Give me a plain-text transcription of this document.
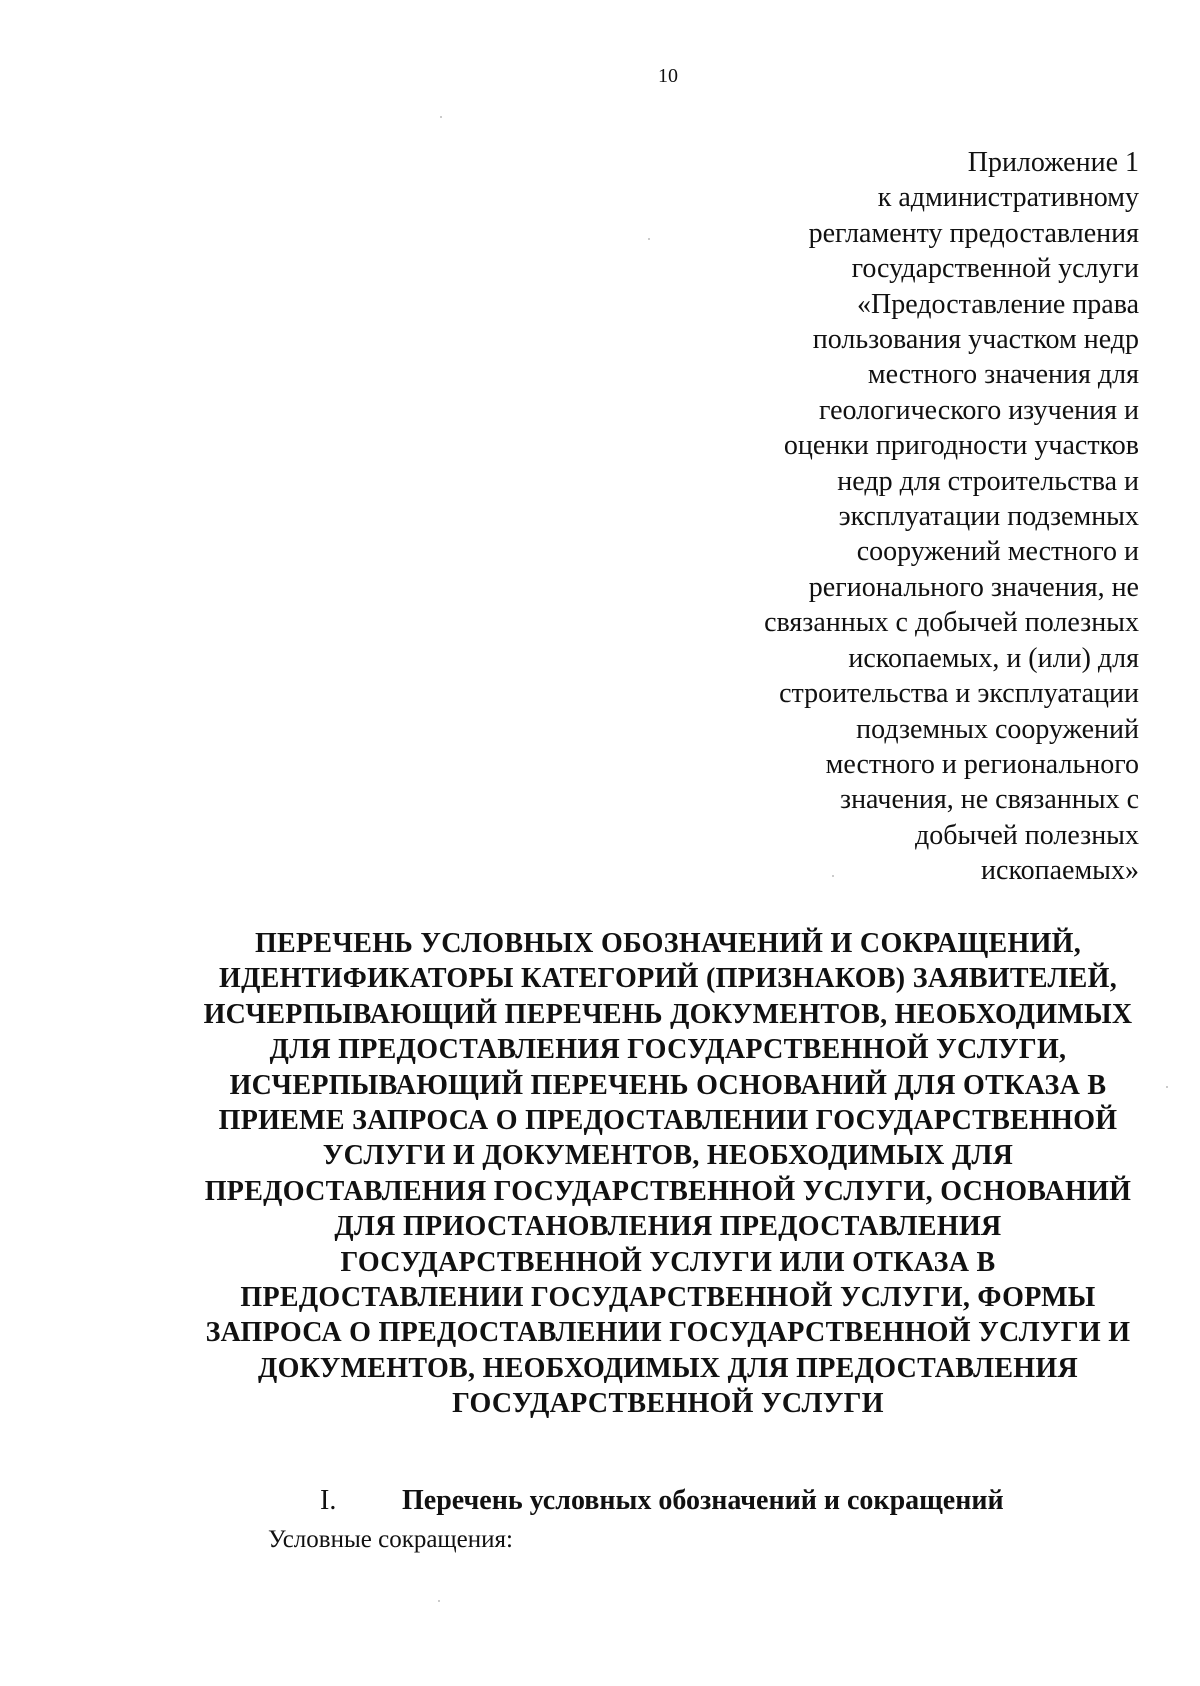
10
Приложение 1
к административному
регламенту предоставления
государственной услуги
«Предоставление права
пользования участком недр
местного значения для
геологического изучения и
оценки пригодности участков
недр для строительства и
эксплуатации подземных
сооружений местного и
регионального значения, не
связанных с добычей полезных
ископаемых, и (или) для
строительства и эксплуатации
подземных сооружений
местного и регионального
значения, не связанных с
добычей полезных
ископаемых»
ПЕРЕЧЕНЬ УСЛОВНЫХ ОБОЗНАЧЕНИЙ И СОКРАЩЕНИЙ,
ИДЕНТИФИКАТОРЫ КАТЕГОРИЙ (ПРИЗНАКОВ) ЗАЯВИТЕЛЕЙ,
ИСЧЕРПЫВАЮЩИЙ ПЕРЕЧЕНЬ ДОКУМЕНТОВ, НЕОБХОДИМЫХ
ДЛЯ ПРЕДОСТАВЛЕНИЯ ГОСУДАРСТВЕННОЙ УСЛУГИ,
ИСЧЕРПЫВАЮЩИЙ ПЕРЕЧЕНЬ ОСНОВАНИЙ ДЛЯ ОТКАЗА В
ПРИЕМЕ ЗАПРОСА О ПРЕДОСТАВЛЕНИИ ГОСУДАРСТВЕННОЙ
УСЛУГИ И ДОКУМЕНТОВ, НЕОБХОДИМЫХ ДЛЯ
ПРЕДОСТАВЛЕНИЯ ГОСУДАРСТВЕННОЙ УСЛУГИ, ОСНОВАНИЙ
ДЛЯ ПРИОСТАНОВЛЕНИЯ ПРЕДОСТАВЛЕНИЯ
ГОСУДАРСТВЕННОЙ УСЛУГИ ИЛИ ОТКАЗА В
ПРЕДОСТАВЛЕНИИ ГОСУДАРСТВЕННОЙ УСЛУГИ, ФОРМЫ
ЗАПРОСА О ПРЕДОСТАВЛЕНИИ ГОСУДАРСТВЕННОЙ УСЛУГИ И
ДОКУМЕНТОВ, НЕОБХОДИМЫХ ДЛЯ ПРЕДОСТАВЛЕНИЯ
ГОСУДАРСТВЕННОЙ УСЛУГИ
I. Перечень условных обозначений и сокращений
Условные сокращения:
